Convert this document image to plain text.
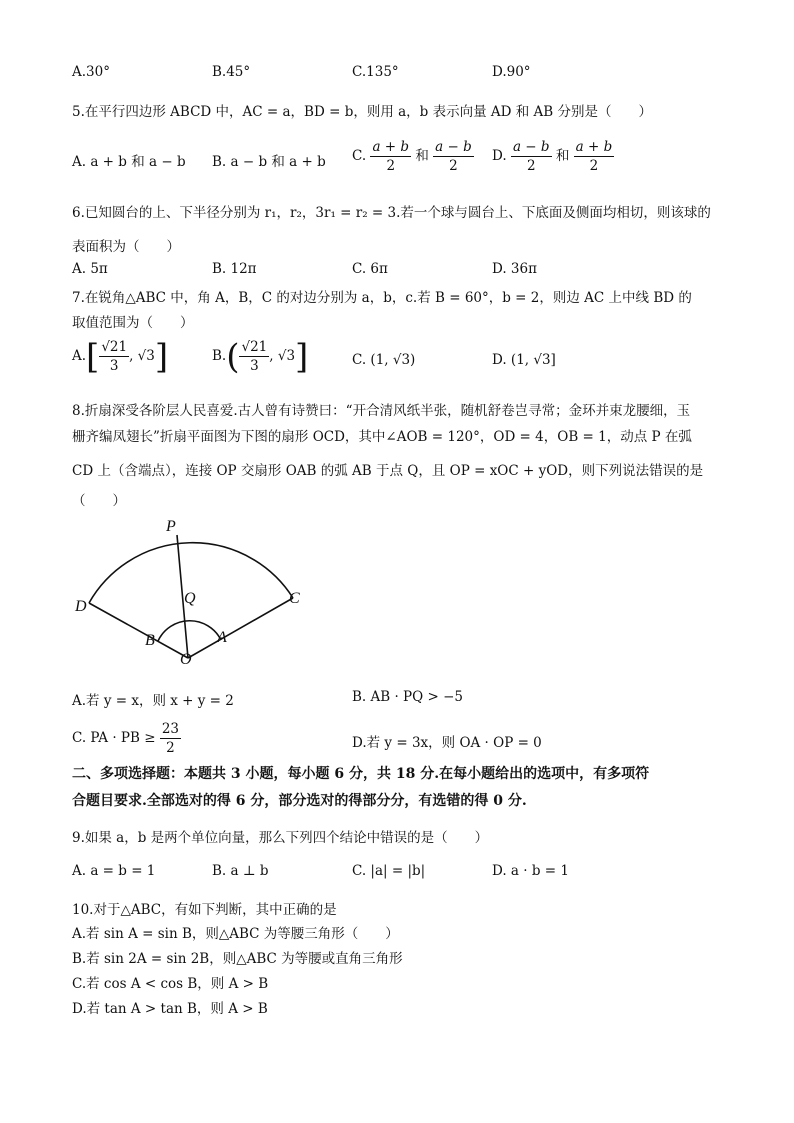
A.30°	B.45°	C.135°	D.90°
5.在平行四边形 ABCD 中，AC = a，BD = b，则用 a，b 表示向量 AD 和 AB 分别是（　　）
A. a + b 和 a − b B. a − b 和 a + b C. $\frac{a + b}{2}$ 和 $\frac{a - b}{2} D$. $\frac{a - b}{2}$ 和 $\frac{a + b}{2}$
6.已知圆台的上、下半径分别为 r₁，r₂，3r₁ = r₂ = 3.若一个球与圆台上、下底面及侧面均相切，则该球的
表面积为（　　）
A. 5π	B. 12π	C. 6π	D. 36π
7.在锐角△ABC 中，角 A，B，C 的对边分别为 a，b，c.若 B = 60°，b = 2，则边 AC 上中线 BD 的
取值范围为（　　）
$A.[ \frac{√21}{3}$ , √3]	$B.( \frac{√21}{3}$ , √3]	C. (1, √3)	D. (1, √3]
8.折扇深受各阶层人民喜爱.古人曾有诗赞曰：“开合清风纸半张，随机舒卷岂寻常；金环并束龙腰细，玉
栅齐编凤翅长”折扇平面图为下图的扇形 OCD，其中∠AOB = 120°，OD = 4，OB = 1，动点 P 在弧
CD 上（含端点），连接 OP 交扇形 OAB 的弧 AB 于点 Q，且 OP = xOC + yOD，则下列说法错误的是
（　　）
P
Q
D	C
B	A
O
A.若 y = x，则 x + y = 2	B. AB · PQ > −5
C. PA · PB ≥ $\frac{23}{2}$	D.若 y = 3x，则 OA · OP = 0
二、多项选择题：本题共 3 小题，每小题 6 分，共 18 分.在每小题给出的选项中，有多项符
合题目要求.全部选对的得 6 分，部分选对的得部分分，有选错的得 0 分.
9.如果 a，b 是两个单位向量，那么下列四个结论中错误的是（　　）
A. a = b = 1	B. a ⊥ b	C. |a| = |b|	D. a · b = 1
10.对于△ABC，有如下判断，其中正确的是
A.若 sin A = sin B，则△ABC 为等腰三角形（　　）
B.若 sin 2A = sin 2B，则△ABC 为等腰或直角三角形
C.若 cos A < cos B，则 A > B
D.若 tan A > tan B，则 A > B
